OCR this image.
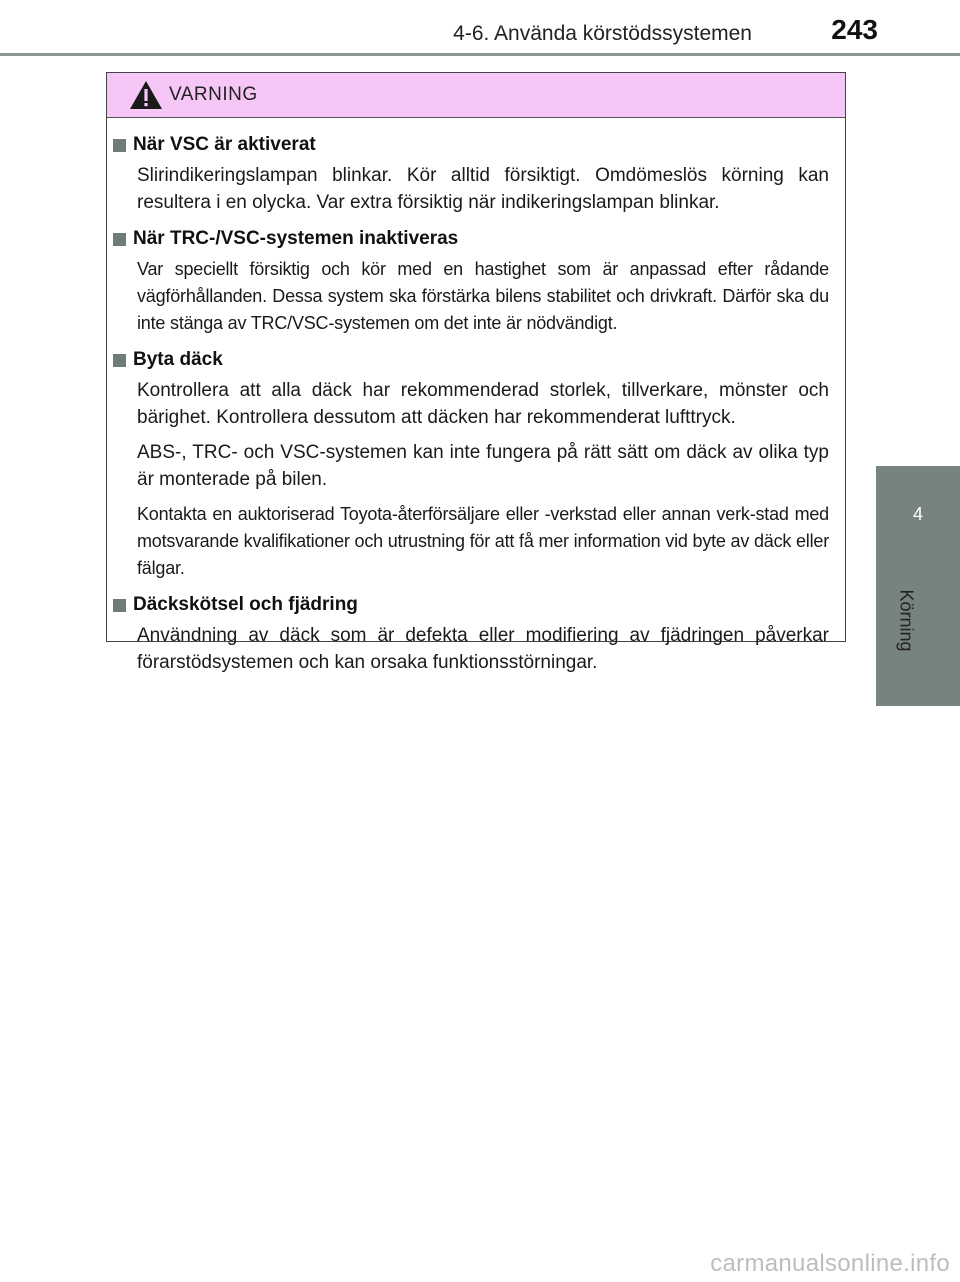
4-6. Använda körstödssystemen	243
4
Körning
VARNING
När VSC är aktiverat

Slirindikeringslampan blinkar. Kör alltid försiktigt. Omdömeslös körning kan resultera i en olycka. Var extra försiktig när indikeringslampan blinkar.

När TRC-/VSC-systemen inaktiveras

Var speciellt försiktig och kör med en hastighet som är anpassad efter rådande vägförhållanden. Dessa system ska förstärka bilens stabilitet och drivkraft. Därför ska du inte stänga av TRC/VSC-systemen om det inte är nödvändigt.

Byta däck

Kontrollera att alla däck har rekommenderad storlek, tillverkare, mönster och bärighet. Kontrollera dessutom att däcken har rekommenderat lufttryck.

ABS-, TRC- och VSC-systemen kan inte fungera på rätt sätt om däck av olika typ är monterade på bilen.

Kontakta en auktoriserad Toyota-återförsäljare eller -verkstad eller annan verk-stad med motsvarande kvalifikationer och utrustning för att få mer information vid byte av däck eller fälgar.

Däckskötsel och fjädring

Användning av däck som är defekta eller modifiering av fjädringen påverkar förarstödsystemen och kan orsaka funktionsstörningar.

carmanualsonline.info
